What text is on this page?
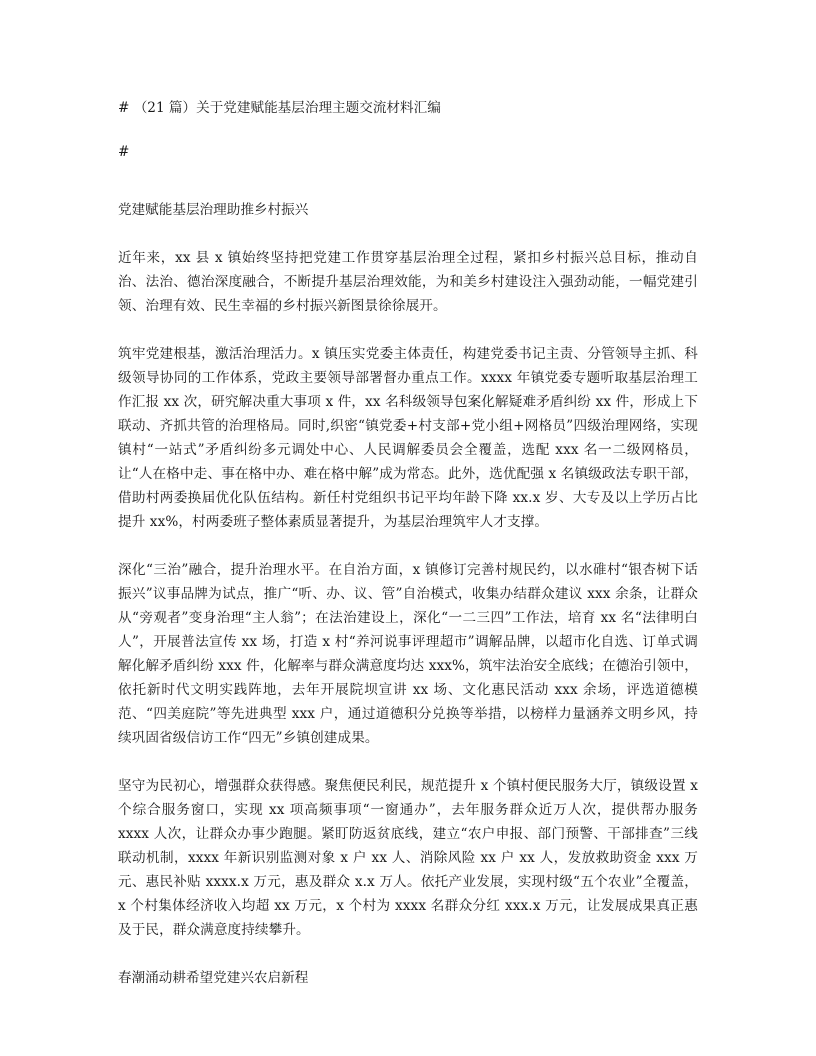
# （21 篇）关于党建赋能基层治理主题交流材料汇编

#

党建赋能基层治理助推乡村振兴

近年来，xx 县 x 镇始终坚持把党建工作贯穿基层治理全过程，紧扣乡村振兴总目标，推动自治、法治、德治深度融合，不断提升基层治理效能，为和美乡村建设注入强劲动能，一幅党建引领、治理有效、民生幸福的乡村振兴新图景徐徐展开。

筑牢党建根基，激活治理活力。x 镇压实党委主体责任，构建党委书记主责、分管领导主抓、科级领导协同的工作体系，党政主要领导部署督办重点工作。xxxx 年镇党委专题听取基层治理工作汇报 xx 次，研究解决重大事项 x 件，xx 名科级领导包案化解疑难矛盾纠纷 xx 件，形成上下联动、齐抓共管的治理格局。同时,织密“镇党委+村支部+党小组+网格员”四级治理网络，实现镇村“一站式”矛盾纠纷多元调处中心、人民调解委员会全覆盖，选配 xxx 名一二级网格员，让“人在格中走、事在格中办、难在格中解”成为常态。此外，选优配强 x 名镇级政法专职干部，借助村两委换届优化队伍结构。新任村党组织书记平均年龄下降 xx.x 岁、大专及以上学历占比提升 xx%，村两委班子整体素质显著提升，为基层治理筑牢人才支撑。

深化“三治”融合，提升治理水平。在自治方面，x 镇修订完善村规民约，以水碓村“银杏树下话振兴”议事品牌为试点，推广“听、办、议、管”自治模式，收集办结群众建议 xxx 余条，让群众从“旁观者”变身治理“主人翁”；在法治建设上，深化“一二三四”工作法，培育 xx 名“法律明白人”，开展普法宣传 xx 场，打造 x 村“养河说事评理超市”调解品牌，以超市化自选、订单式调解化解矛盾纠纷 xxx 件，化解率与群众满意度均达 xxx%，筑牢法治安全底线；在德治引领中，依托新时代文明实践阵地，去年开展院坝宣讲 xx 场、文化惠民活动 xxx 余场，评选道德模范、“四美庭院”等先进典型 xxx 户，通过道德积分兑换等举措，以榜样力量涵养文明乡风，持续巩固省级信访工作“四无”乡镇创建成果。

坚守为民初心，增强群众获得感。聚焦便民利民，规范提升 x 个镇村便民服务大厅，镇级设置 x 个综合服务窗口，实现 xx 项高频事项“一窗通办”，去年服务群众近万人次，提供帮办服务 xxxx 人次，让群众办事少跑腿。紧盯防返贫底线，建立“农户申报、部门预警、干部排查”三线联动机制，xxxx 年新识别监测对象 x 户 xx 人、消除风险 xx 户 xx 人，发放救助资金 xxx 万元、惠民补贴 xxxx.x 万元，惠及群众 x.x 万人。依托产业发展，实现村级“五个农业”全覆盖，x 个村集体经济收入均超 xx 万元，x 个村为 xxxx 名群众分红 xxx.x 万元，让发展成果真正惠及于民，群众满意度持续攀升。

春潮涌动耕希望党建兴农启新程
